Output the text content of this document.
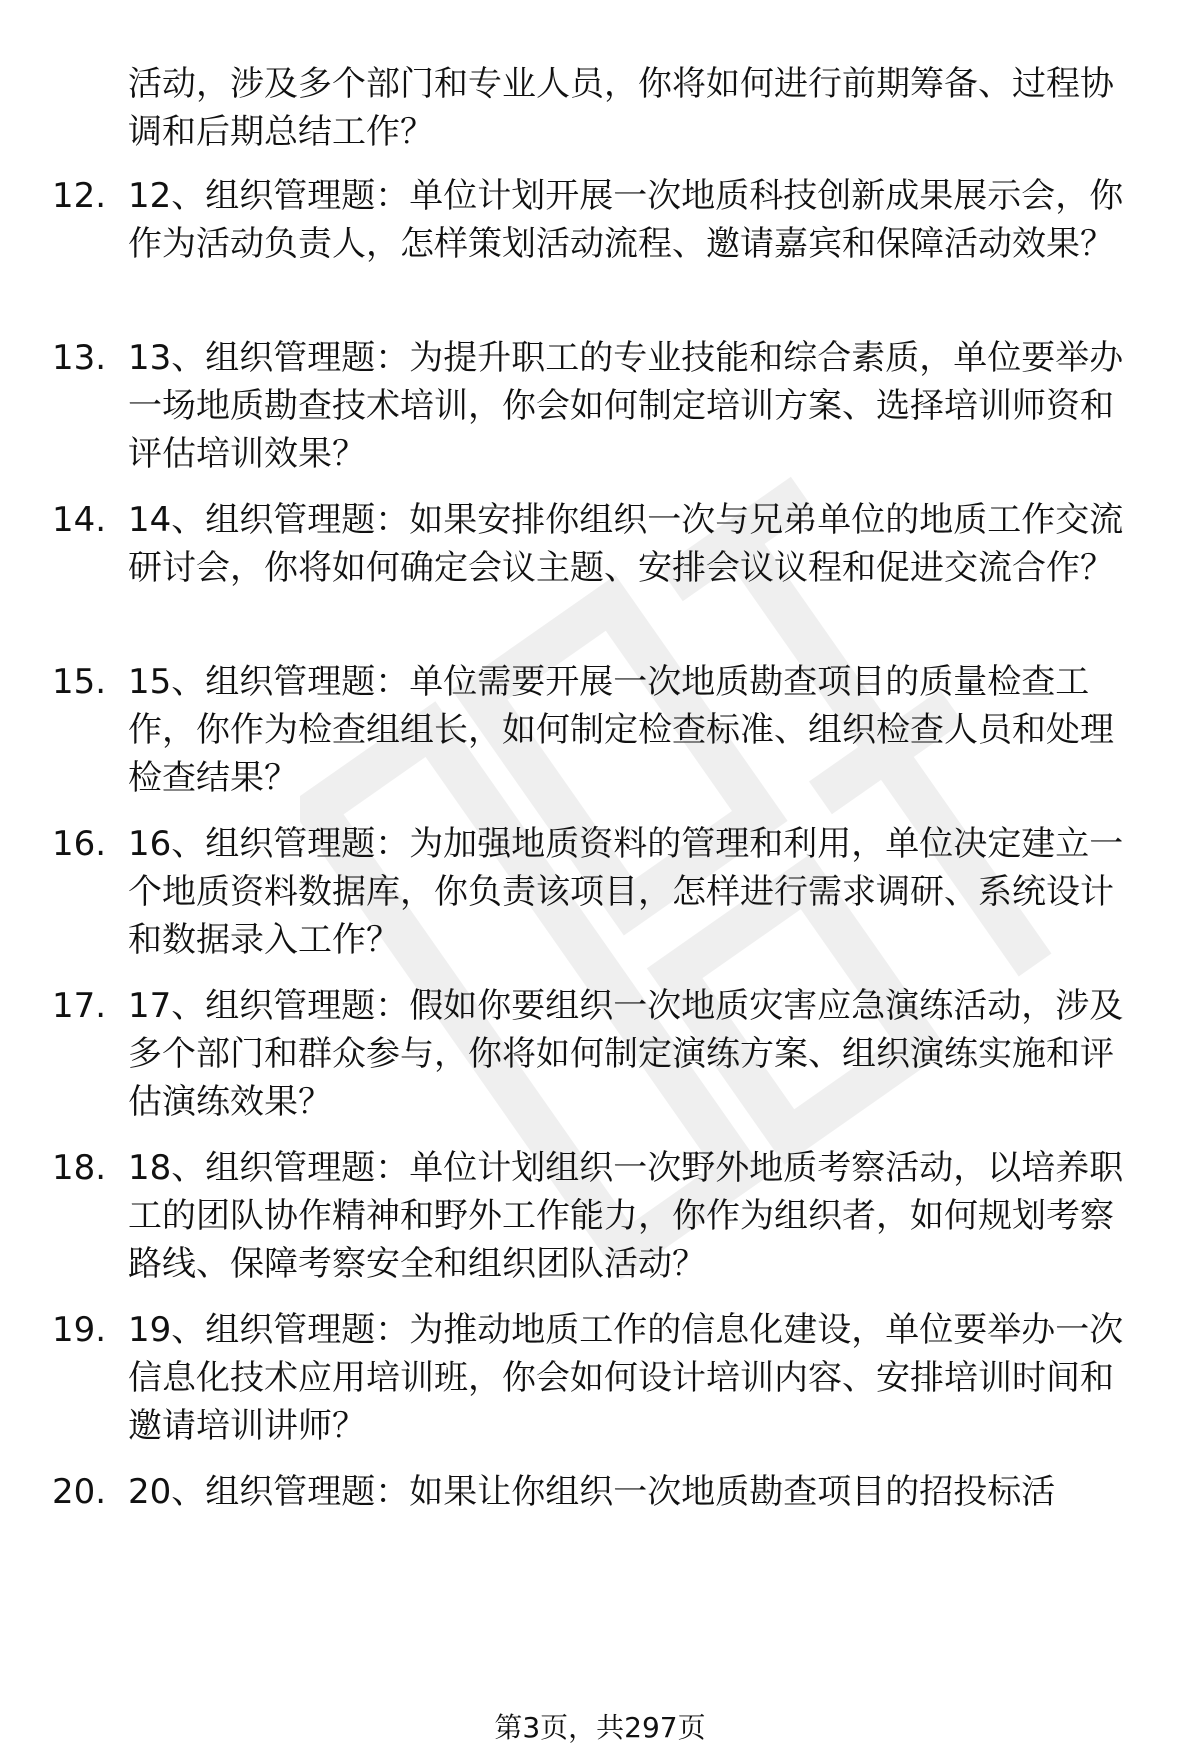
活动，涉及多个部门和专业人员，你将如何进行前期筹备、过程协调和后期总结工作？

12. 12、组织管理题：单位计划开展一次地质科技创新成果展示会，你作为活动负责人，怎样策划活动流程、邀请嘉宾和保障活动效果？

13. 13、组织管理题：为提升职工的专业技能和综合素质，单位要举办一场地质勘查技术培训，你会如何制定培训方案、选择培训师资和评估培训效果？

14. 14、组织管理题：如果安排你组织一次与兄弟单位的地质工作交流研讨会，你将如何确定会议主题、安排会议议程和促进交流合作？

15. 15、组织管理题：单位需要开展一次地质勘查项目的质量检查工作，你作为检查组组长，如何制定检查标准、组织检查人员和处理检查结果？

16. 16、组织管理题：为加强地质资料的管理和利用，单位决定建立一个地质资料数据库，你负责该项目，怎样进行需求调研、系统设计和数据录入工作？

17. 17、组织管理题：假如你要组织一次地质灾害应急演练活动，涉及多个部门和群众参与，你将如何制定演练方案、组织演练实施和评估演练效果？

18. 18、组织管理题：单位计划组织一次野外地质考察活动，以培养职工的团队协作精神和野外工作能力，你作为组织者，如何规划考察路线、保障考察安全和组织团队活动？

19. 19、组织管理题：为推动地质工作的信息化建设，单位要举办一次信息化技术应用培训班，你会如何设计培训内容、安排培训时间和邀请培训讲师？

20. 20、组织管理题：如果让你组织一次地质勘查项目的招投标活

第3页，共297页
